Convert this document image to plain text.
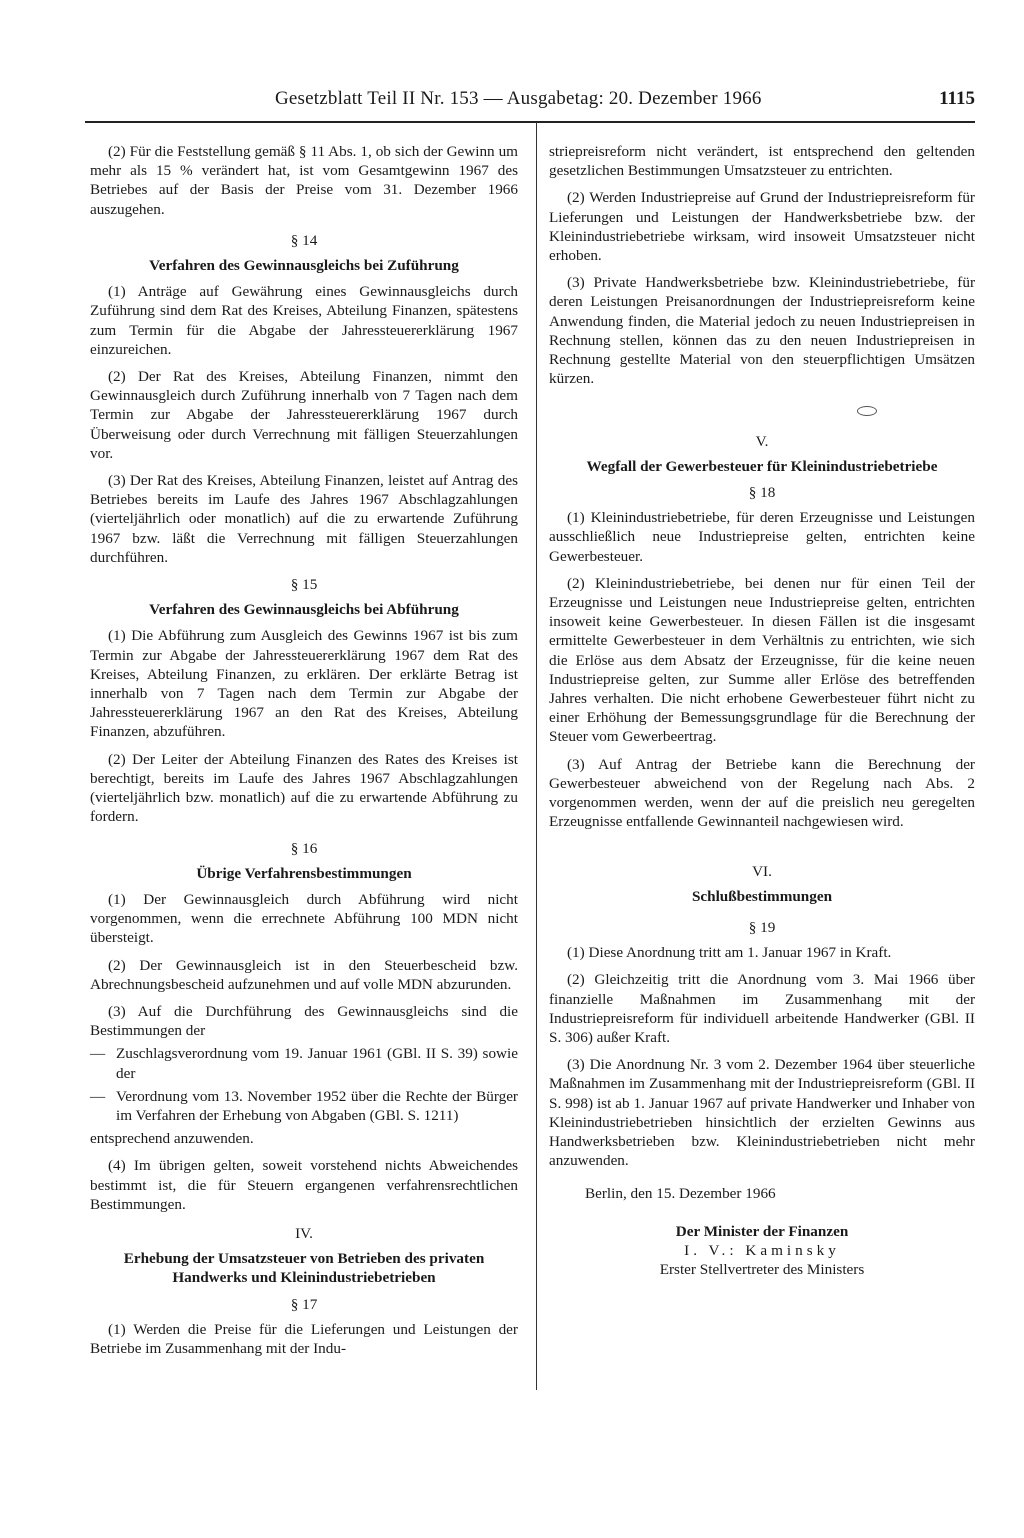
Gesetzblatt Teil II Nr. 153 — Ausgabetag: 20. Dezember 1966	1115

(2) Für die Feststellung gemäß § 11 Abs. 1, ob sich der Gewinn um mehr als 15 % verändert hat, ist vom Gesamtgewinn 1967 des Betriebes auf der Basis der Preise vom 31. Dezember 1966 auszugehen.

§ 14
Verfahren des Gewinnausgleichs bei Zuführung

(1) Anträge auf Gewährung eines Gewinnausgleichs durch Zuführung sind dem Rat des Kreises, Abteilung Finanzen, spätestens zum Termin für die Abgabe der Jahressteuererklärung 1967 einzureichen.

(2) Der Rat des Kreises, Abteilung Finanzen, nimmt den Gewinnausgleich durch Zuführung innerhalb von 7 Tagen nach dem Termin zur Abgabe der Jahressteuererklärung 1967 durch Überweisung oder durch Verrechnung mit fälligen Steuerzahlungen vor.

(3) Der Rat des Kreises, Abteilung Finanzen, leistet auf Antrag des Betriebes bereits im Laufe des Jahres 1967 Abschlagzahlungen (vierteljährlich oder monatlich) auf die zu erwartende Zuführung 1967 bzw. läßt die Verrechnung mit fälligen Steuerzahlungen durchführen.

§ 15
Verfahren des Gewinnausgleichs bei Abführung

(1) Die Abführung zum Ausgleich des Gewinns 1967 ist bis zum Termin zur Abgabe der Jahressteuererklärung 1967 dem Rat des Kreises, Abteilung Finanzen, zu erklären. Der erklärte Betrag ist innerhalb von 7 Tagen nach dem Termin zur Abgabe der Jahressteuererklärung 1967 an den Rat des Kreises, Abteilung Finanzen, abzuführen.

(2) Der Leiter der Abteilung Finanzen des Rates des Kreises ist berechtigt, bereits im Laufe des Jahres 1967 Abschlagzahlungen (vierteljährlich bzw. monatlich) auf die zu erwartende Abführung zu fordern.

§ 16
Übrige Verfahrensbestimmungen

(1) Der Gewinnausgleich durch Abführung wird nicht vorgenommen, wenn die errechnete Abführung 100 MDN nicht übersteigt.

(2) Der Gewinnausgleich ist in den Steuerbescheid bzw. Abrechnungsbescheid aufzunehmen und auf volle MDN abzurunden.

(3) Auf die Durchführung des Gewinnausgleichs sind die Bestimmungen der

— Zuschlagsverordnung vom 19. Januar 1961 (GBl. II S. 39) sowie der
— Verordnung vom 13. November 1952 über die Rechte der Bürger im Verfahren der Erhebung von Abgaben (GBl. S. 1211)

entsprechend anzuwenden.

(4) Im übrigen gelten, soweit vorstehend nichts Abweichendes bestimmt ist, die für Steuern ergangenen verfahrensrechtlichen Bestimmungen.

IV.
Erhebung der Umsatzsteuer von Betrieben des privaten Handwerks und Kleinindustriebetrieben
§ 17

(1) Werden die Preise für die Lieferungen und Leistungen der Betriebe im Zusammenhang mit der Indu-

striepreisreform nicht verändert, ist entsprechend den geltenden gesetzlichen Bestimmungen Umsatzsteuer zu entrichten.

(2) Werden Industriepreise auf Grund der Industriepreisreform für Lieferungen und Leistungen der Handwerksbetriebe bzw. der Kleinindustriebetriebe wirksam, wird insoweit Umsatzsteuer nicht erhoben.

(3) Private Handwerksbetriebe bzw. Kleinindustriebetriebe, für deren Leistungen Preisanordnungen der Industriepreisreform keine Anwendung finden, die Material jedoch zu neuen Industriepreisen in Rechnung stellen, können das zu den neuen Industriepreisen in Rechnung gestellte Material von den steuerpflichtigen Umsätzen kürzen.

V.
Wegfall der Gewerbesteuer für Kleinindustriebetriebe
§ 18

(1) Kleinindustriebetriebe, für deren Erzeugnisse und Leistungen ausschließlich neue Industriepreise gelten, entrichten keine Gewerbesteuer.

(2) Kleinindustriebetriebe, bei denen nur für einen Teil der Erzeugnisse und Leistungen neue Industriepreise gelten, entrichten insoweit keine Gewerbesteuer. In diesen Fällen ist die insgesamt ermittelte Gewerbesteuer in dem Verhältnis zu entrichten, wie sich die Erlöse aus dem Absatz der Erzeugnisse, für die keine neuen Industriepreise gelten, zur Summe aller Erlöse des betreffenden Jahres verhalten. Die nicht erhobene Gewerbesteuer führt nicht zu einer Erhöhung der Bemessungsgrundlage für die Berechnung der Steuer vom Gewerbeertrag.

(3) Auf Antrag der Betriebe kann die Berechnung der Gewerbesteuer abweichend von der Regelung nach Abs. 2 vorgenommen werden, wenn der auf die preislich neu geregelten Erzeugnisse entfallende Gewinnanteil nachgewiesen wird.

VI.
Schlußbestimmungen
§ 19

(1) Diese Anordnung tritt am 1. Januar 1967 in Kraft.

(2) Gleichzeitig tritt die Anordnung vom 3. Mai 1966 über finanzielle Maßnahmen im Zusammenhang mit der Industriepreisreform für individuell arbeitende Handwerker (GBl. II S. 306) außer Kraft.

(3) Die Anordnung Nr. 3 vom 2. Dezember 1964 über steuerliche Maßnahmen im Zusammenhang mit der Industriepreisreform (GBl. II S. 998) ist ab 1. Januar 1967 auf private Handwerker und Inhaber von Kleinindustriebetrieben hinsichtlich der erzielten Gewinns aus Handwerksbetrieben bzw. Kleinindustriebetrieben nicht mehr anzuwenden.

Berlin, den 15. Dezember 1966

Der Minister der Finanzen
I. V.: Kaminsky
Erster Stellvertreter des Ministers
